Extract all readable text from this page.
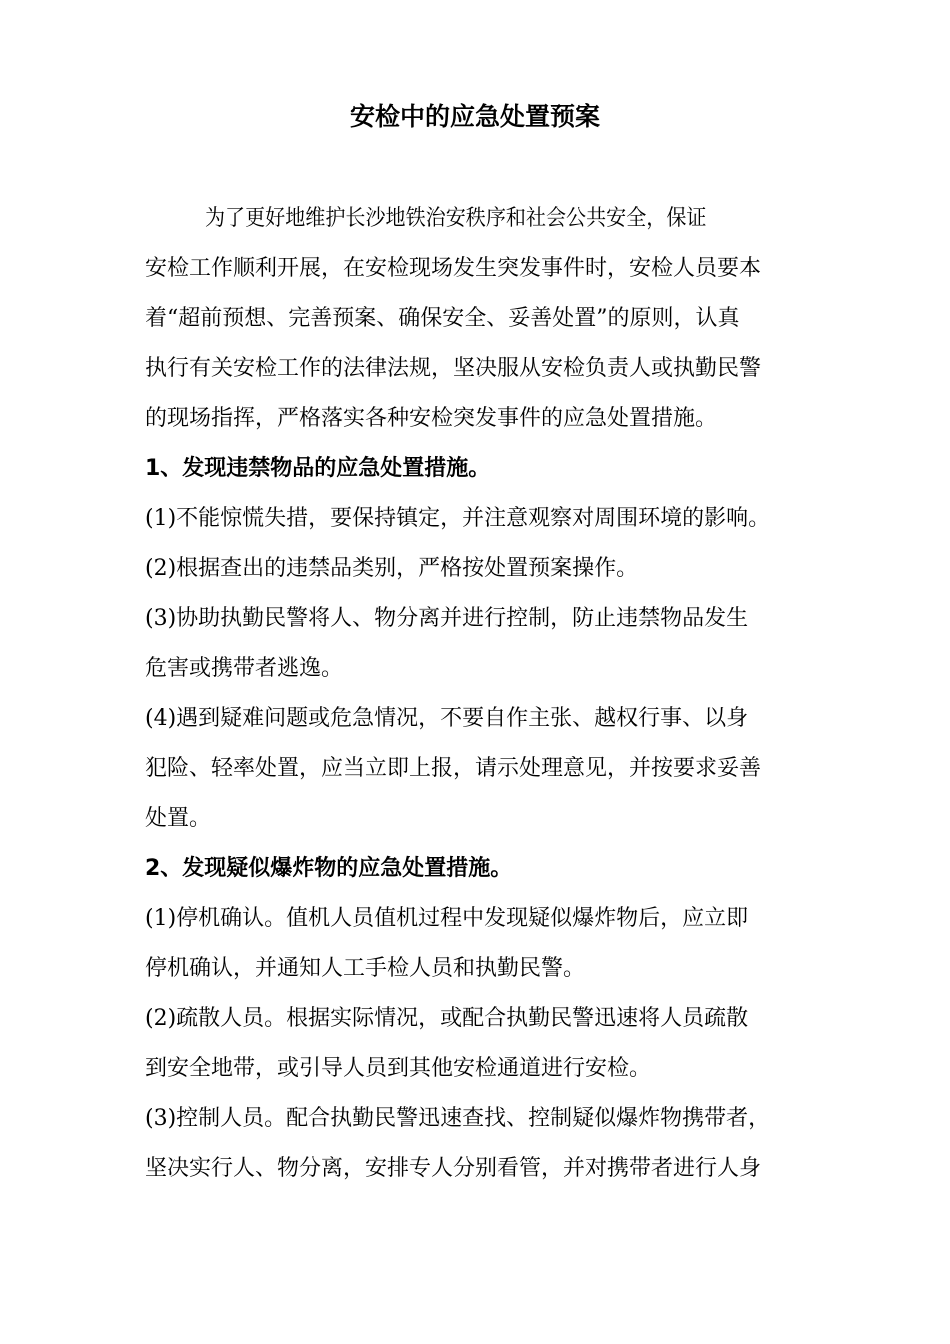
安检中的应急处置预案

为了更好地维护长沙地铁治安秩序和社会公共安全，保证

安检工作顺利开展，在安检现场发生突发事件时，安检人员要本

着“超前预想、完善预案、确保安全、妥善处置”的原则，认真

执行有关安检工作的法律法规，坚决服从安检负责人或执勤民警

的现场指挥，严格落实各种安检突发事件的应急处置措施。

1、发现违禁物品的应急处置措施。

(1)不能惊慌失措，要保持镇定，并注意观察对周围环境的影响。

(2)根据查出的违禁品类别，严格按处置预案操作。

(3)协助执勤民警将人、物分离并进行控制，防止违禁物品发生

危害或携带者逃逸。

(4)遇到疑难问题或危急情况，不要自作主张、越权行事、以身

犯险、轻率处置，应当立即上报，请示处理意见，并按要求妥善

处置。

2、发现疑似爆炸物的应急处置措施。

(1)停机确认。值机人员值机过程中发现疑似爆炸物后，应立即

停机确认，并通知人工手检人员和执勤民警。

(2)疏散人员。根据实际情况，或配合执勤民警迅速将人员疏散

到安全地带，或引导人员到其他安检通道进行安检。

(3)控制人员。配合执勤民警迅速查找、控制疑似爆炸物携带者，

坚决实行人、物分离，安排专人分别看管，并对携带者进行人身
